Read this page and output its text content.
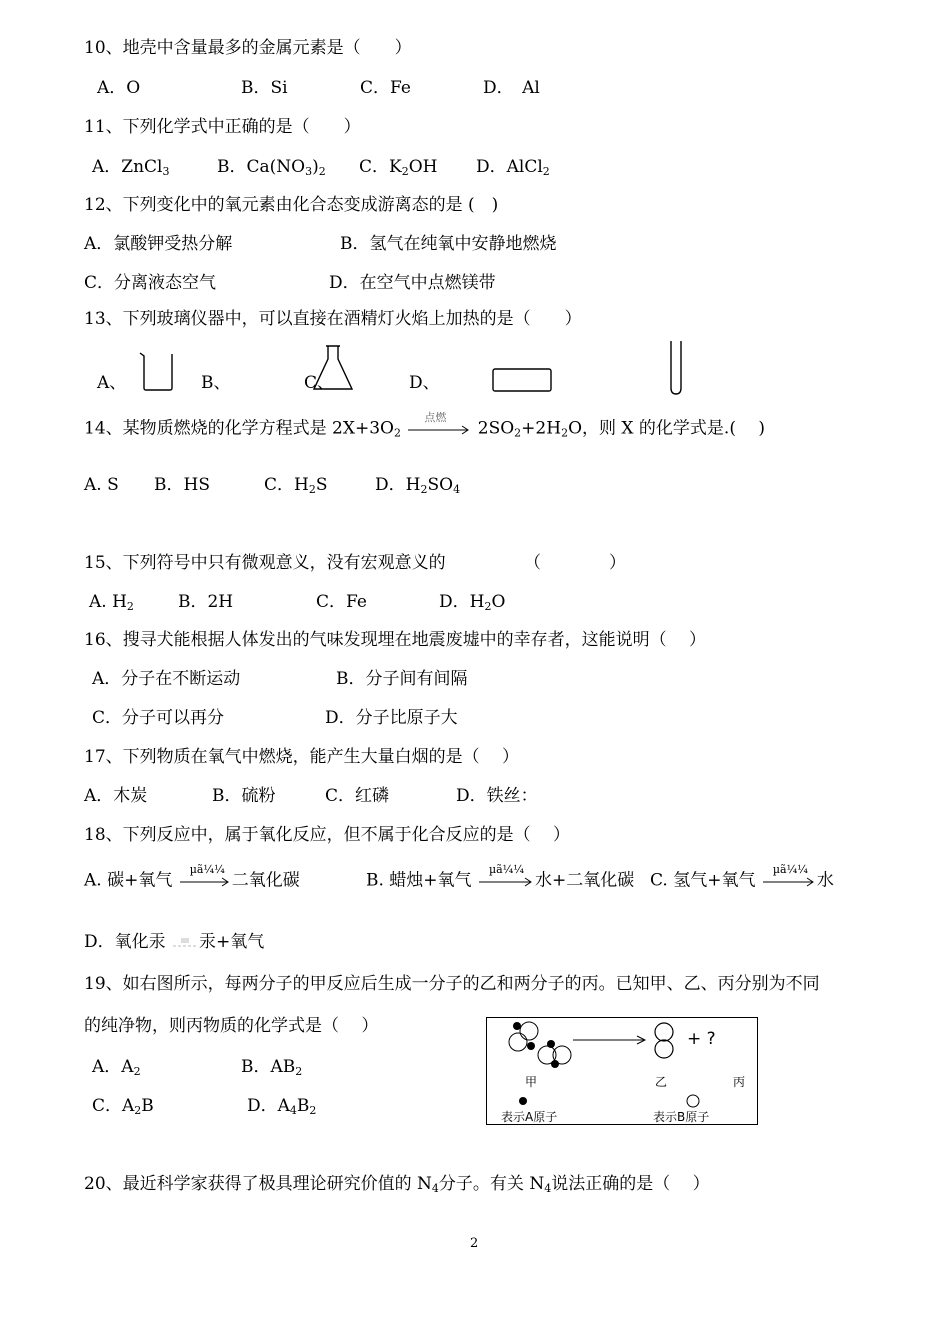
10、地壳中含量最多的金属元素是（　　）
A．O	B．Si	C．Fe	D．　Al
11、下列化学式中正确的是（　　）
A．ZnCl$_3$	B．$Ca(NO_3)_2$ C．$K_2OH$ D．AlCl$_2$
12、下列变化中的氧元素由化合态变成游离态的是 (　)
A．氯酸钾受热分解	B．氢气在纯氧中安静地燃烧
C．分离液态空气	D．在空气中点燃镁带
13、下列玻璃仪器中，可以直接在酒精灯火焰上加热的是（　　）
A、	B、	C、	D、
14、某物质燃烧的化学方程式是 $2X+3O_2$
点燃
$2SO_2+2H_2O$，则 X 的化学式是.(　 )
A. S B．HS	C．$H_2S$	D．$H_2SO_4$
15、下列符号中只有微观意义，没有宏观意义的	（　　　　）
A. $H_2$	B．2H	C．Fe	D．$H_2O$
16、搜寻犬能根据人体发出的气味发现埋在地震废墟中的幸存者，这能说明（　 ）
A．分子在不断运动	B．分子间有间隔
C．分子可以再分	D．分子比原子大
17、下列物质在氧气中燃烧，能产生大量白烟的是（　 ）
A．木炭	B．硫粉	C．红磷	D．铁丝：
18、下列反应中，属于氧化反应，但不属于化合反应的是（　 ）
A. 碳+氧气
µã¼¼
二氧化碳	B. 蜡烛+氧气
µã¼¼
水+二氧化碳 C. 氢气+氧气
µã¼¼
水
D．氧化汞 汞+氧气
19、如右图所示，每两分子的甲反应后生成一分子的乙和两分子的丙。已知甲、乙、丙分别为不同
的纯净物，则丙物质的化学式是（　 ）
A．$A_2$	B．$AB_2$
C．$A_2B$	D．$A_4B_2$
+ ?
甲	乙	丙
表示A原子	表示B原子
20、最近科学家获得了极具理论研究价值的 $N_4$分子。有关 $N_4$说法正确的是（　 ）
2
